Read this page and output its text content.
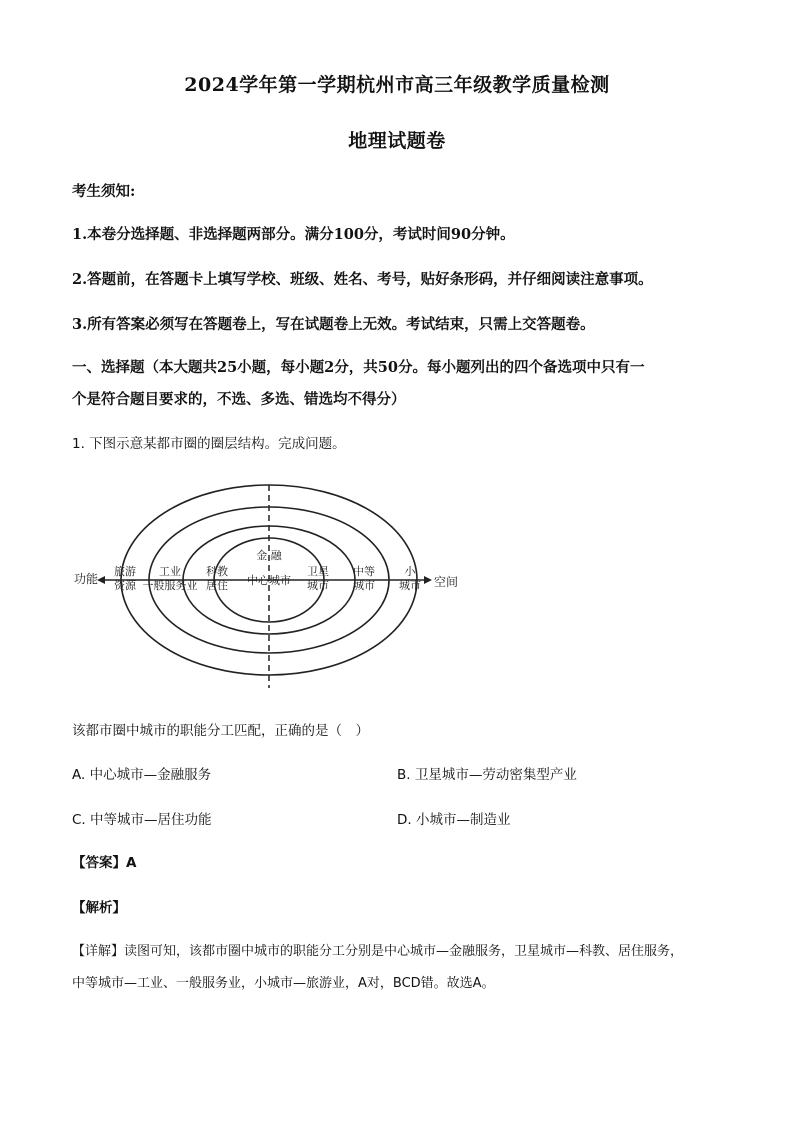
2024学年第一学期杭州市高三年级教学质量检测
地理试题卷
考生须知:
1.本卷分选择题、非选择题两部分。满分100分，考试时间90分钟。
2.答题前，在答题卡上填写学校、班级、姓名、考号，贴好条形码，并仔细阅读注意事项。
3.所有答案必须写在答题卷上，写在试题卷上无效。考试结束，只需上交答题卷。
一、选择题（本大题共25小题，每小题2分，共50分。每小题列出的四个备选项中只有一
个是符合题目要求的，不选、多选、错选均不得分）
1. 下图示意某都市圈的圈层结构。完成问题。
功能	空间
金 融
中心城市
旅游
资源
工业
一般服务业
科教
居住
卫星
城市
中等
城市
小
城市
该都市圈中城市的职能分工匹配，正确的是（　）
A. 中心城市—金融服务	B. 卫星城市—劳动密集型产业
C. 中等城市—居住功能	D. 小城市—制造业
【答案】A
【解析】
【详解】读图可知，该都市圈中城市的职能分工分别是中心城市—金融服务，卫星城市—科教、居住服务，
中等城市—工业、一般服务业，小城市—旅游业，A对，BCD错。故选A。
